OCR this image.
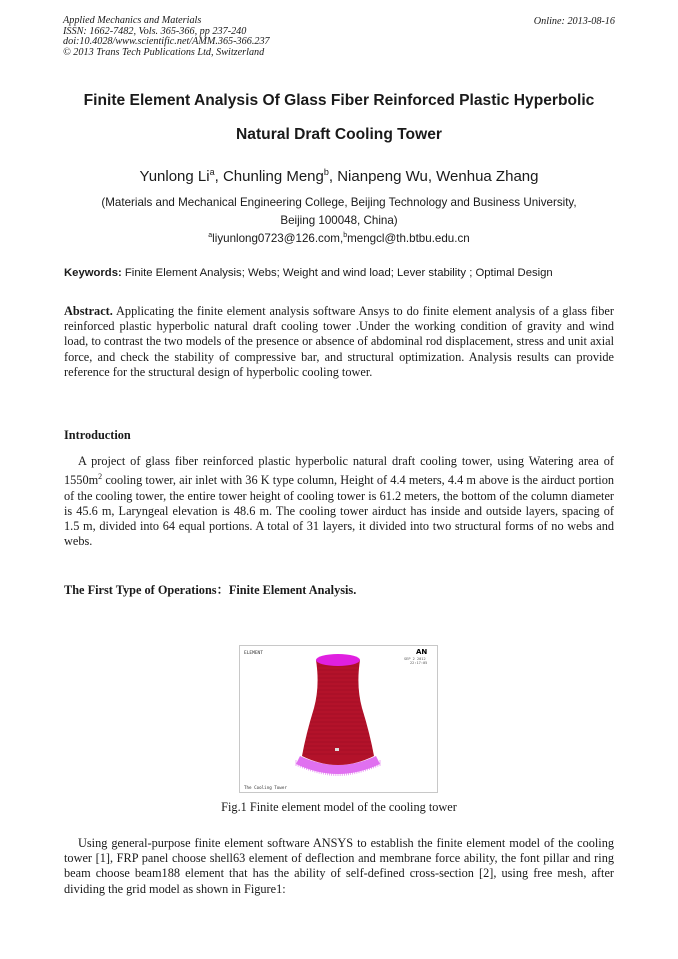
Applied Mechanics and Materials
ISSN: 1662-7482, Vols. 365-366, pp 237-240
doi:10.4028/www.scientific.net/AMM.365-366.237
© 2013 Trans Tech Publications Ltd, Switzerland
Online: 2013-08-16
Finite Element Analysis Of Glass Fiber Reinforced Plastic Hyperbolic
Natural Draft Cooling Tower
Yunlong Li$^a$, Chunling Meng$^b$, Nianpeng Wu, Wenhua Zhang
(Materials and Mechanical Engineering College, Beijing Technology and Business University,
Beijing 100048, China)
$^a$liyunlong0723@126.com,$^b$mengcl@th.btbu.edu.cn
Keywords: Finite Element Analysis; Webs; Weight and wind load; Lever stability ; Optimal Design
Abstract. Applicating the finite element analysis software Ansys to do finite element analysis of a glass fiber reinforced plastic hyperbolic natural draft cooling tower .Under the working condition of gravity and wind load, to contrast the two models of the presence or absence of abdominal rod displacement, stress and unit axial force, and check the stability of compressive bar, and structural optimization. Analysis results can provide reference for the structural design of hyperbolic cooling tower.
Introduction
A project of glass fiber reinforced plastic hyperbolic natural draft cooling tower, using Watering area of $1550m^2$ cooling tower, air inlet with 36 K type column, Height of 4.4 meters, 4.4 m above is the airduct portion of the cooling tower, the entire tower height of cooling tower is 61.2 meters, the bottom of the column diameter is 45.6 m, Laryngeal elevation is 48.6 m. The cooling tower airduct has inside and outside layers, spacing of 1.5 m, divided into 64 equal portions. A total of 31 layers, it divided into two structural forms of no webs and webs.
The First Type of Operations：Finite Element Analysis.
ELEMENT	AN
SEP 2 2012
22:17:05
The Cooling Tower
Fig.1 Finite element model of the cooling tower
Using general-purpose finite element software ANSYS to establish the finite element model of the cooling tower [1], FRP panel choose shell63 element of deflection and membrane force ability, the font pillar and ring beam choose beam188 element that has the ability of self-defined cross-section [2], using free mesh, after dividing the grid model as shown in Figure1:
